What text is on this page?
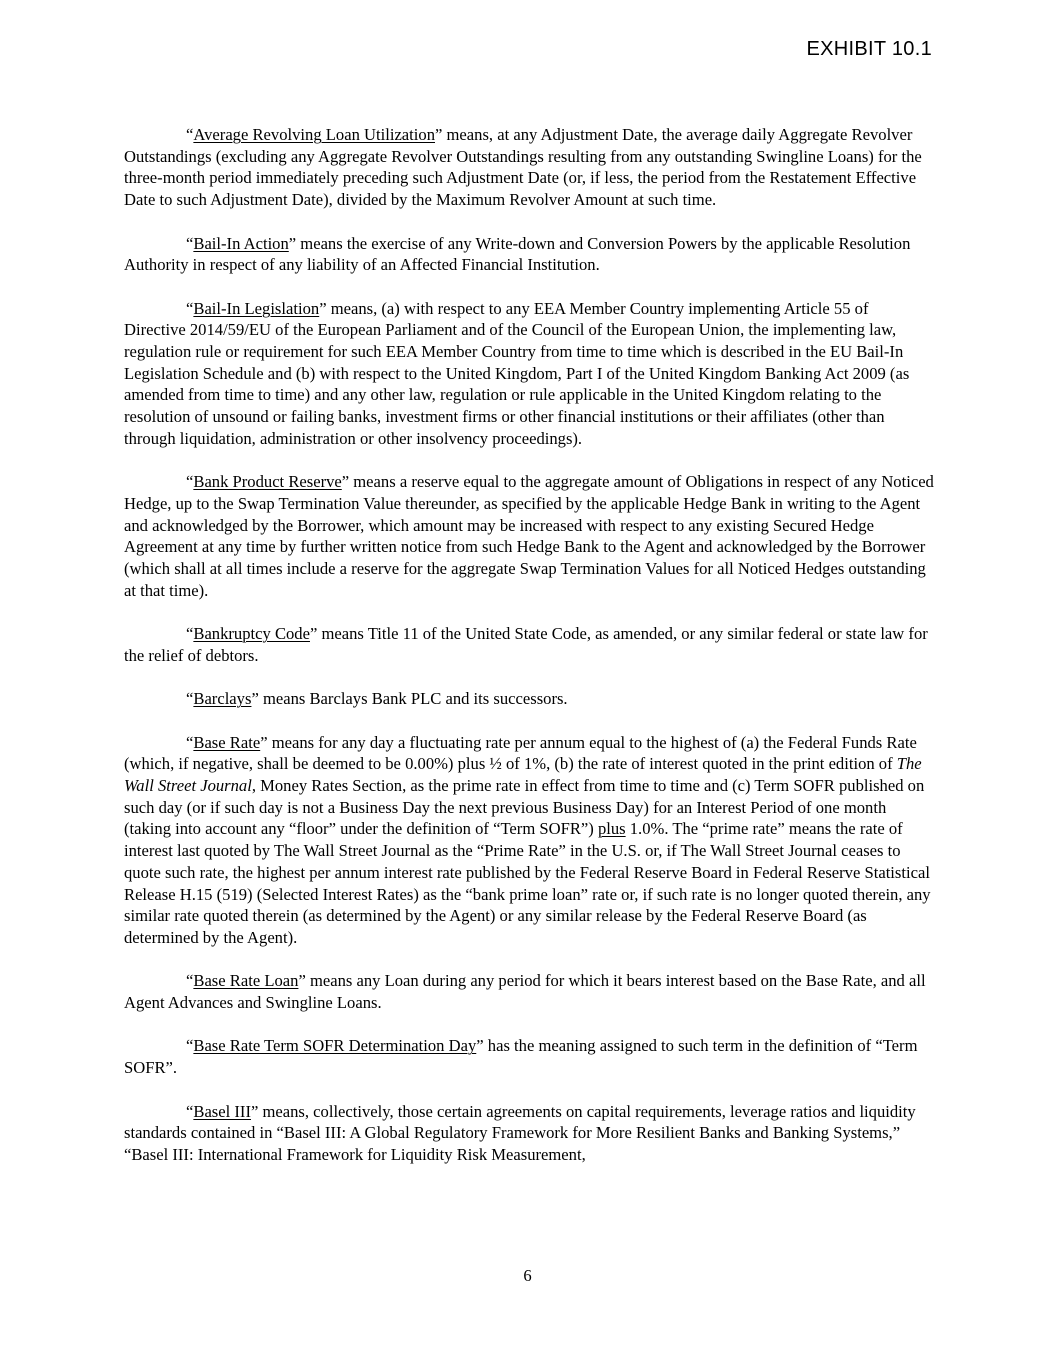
EXHIBIT 10.1

“Average Revolving Loan Utilization” means, at any Adjustment Date, the average daily Aggregate Revolver Outstandings (excluding any Aggregate Revolver Outstandings resulting from any outstanding Swingline Loans) for the three-month period immediately preceding such Adjustment Date (or, if less, the period from the Restatement Effective Date to such Adjustment Date), divided by the Maximum Revolver Amount at such time.

“Bail-In Action” means the exercise of any Write-down and Conversion Powers by the applicable Resolution Authority in respect of any liability of an Affected Financial Institution.

“Bail-In Legislation” means, (a) with respect to any EEA Member Country implementing Article 55 of Directive 2014/59/EU of the European Parliament and of the Council of the European Union, the implementing law, regulation rule or requirement for such EEA Member Country from time to time which is described in the EU Bail-In Legislation Schedule and (b) with respect to the United Kingdom, Part I of the United Kingdom Banking Act 2009 (as amended from time to time) and any other law, regulation or rule applicable in the United Kingdom relating to the resolution of unsound or failing banks, investment firms or other financial institutions or their affiliates (other than through liquidation, administration or other insolvency proceedings).

“Bank Product Reserve” means a reserve equal to the aggregate amount of Obligations in respect of any Noticed Hedge, up to the Swap Termination Value thereunder, as specified by the applicable Hedge Bank in writing to the Agent and acknowledged by the Borrower, which amount may be increased with respect to any existing Secured Hedge Agreement at any time by further written notice from such Hedge Bank to the Agent and acknowledged by the Borrower (which shall at all times include a reserve for the aggregate Swap Termination Values for all Noticed Hedges outstanding at that time).

“Bankruptcy Code” means Title 11 of the United State Code, as amended, or any similar federal or state law for the relief of debtors.

“Barclays” means Barclays Bank PLC and its successors.

“Base Rate” means for any day a fluctuating rate per annum equal to the highest of (a) the Federal Funds Rate (which, if negative, shall be deemed to be 0.00%) plus ½ of 1%, (b) the rate of interest quoted in the print edition of The Wall Street Journal, Money Rates Section, as the prime rate in effect from time to time and (c) Term SOFR published on such day (or if such day is not a Business Day the next previous Business Day) for an Interest Period of one month (taking into account any “floor” under the definition of “Term SOFR”) plus 1.0%. The “prime rate” means the rate of interest last quoted by The Wall Street Journal as the “Prime Rate” in the U.S. or, if The Wall Street Journal ceases to quote such rate, the highest per annum interest rate published by the Federal Reserve Board in Federal Reserve Statistical Release H.15 (519) (Selected Interest Rates) as the “bank prime loan” rate or, if such rate is no longer quoted therein, any similar rate quoted therein (as determined by the Agent) or any similar release by the Federal Reserve Board (as determined by the Agent).

“Base Rate Loan” means any Loan during any period for which it bears interest based on the Base Rate, and all Agent Advances and Swingline Loans.

“Base Rate Term SOFR Determination Day” has the meaning assigned to such term in the definition of “Term SOFR”.

“Basel III” means, collectively, those certain agreements on capital requirements, leverage ratios and liquidity standards contained in “Basel III: A Global Regulatory Framework for More Resilient Banks and Banking Systems,” “Basel III: International Framework for Liquidity Risk Measurement,

6
